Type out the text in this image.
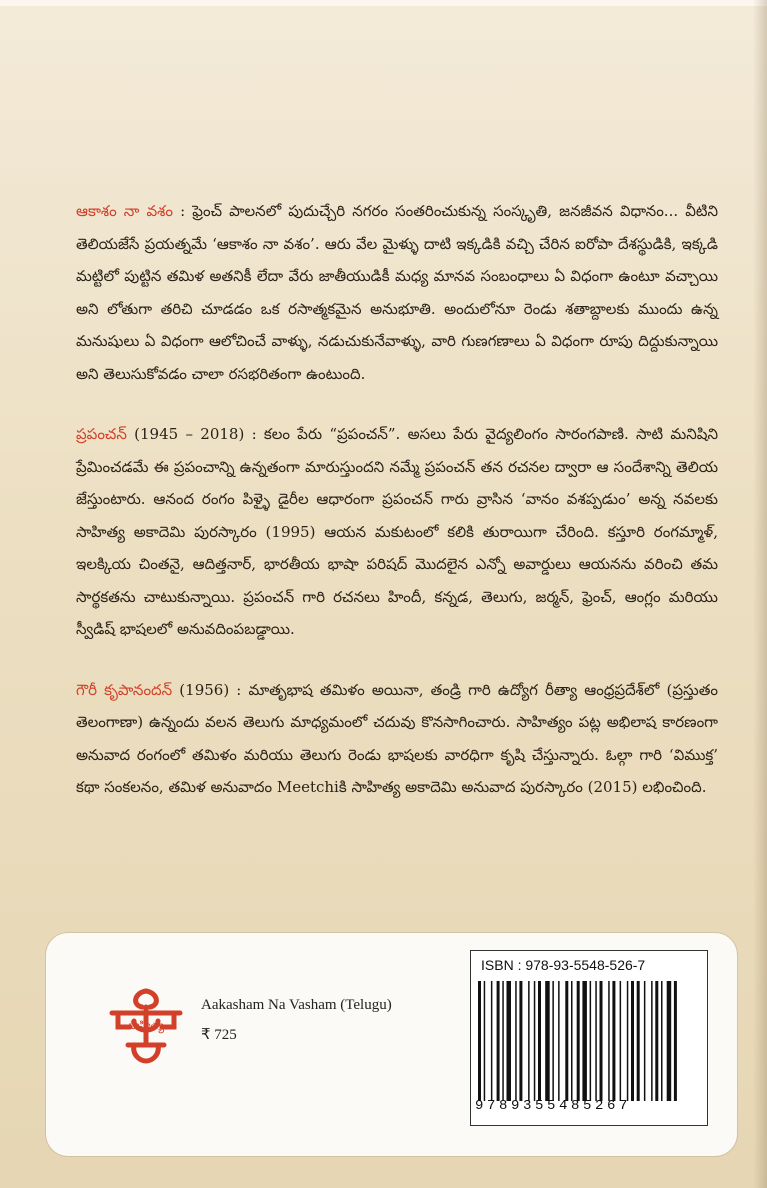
ఆకాశం నా వశం : ఫ్రెంచ్ పాలనలో పుదుచ్చేరి నగరం సంతరించుకున్న సంస్కృతి, జనజీవన విధానం... వీటిని తెలియజేసే ప్రయత్నమే ‘ఆకాశం నా వశం’. ఆరు వేల మైళ్ళు దాటి ఇక్కడికి వచ్చి చేరిన ఐరోపా దేశస్థుడికి, ఇక్కడి మట్టిలో పుట్టిన తమిళ అతనికీ లేదా వేరు జాతీయుడికీ మధ్య మానవ సంబంధాలు ఏ విధంగా ఉంటూ వచ్చాయి అని లోతుగా తరిచి చూడడం ఒక రసాత్మకమైన అనుభూతి. అందులోనూ రెండు శతాబ్దాలకు ముందు ఉన్న మనుషులు ఏ విధంగా ఆలోచించే వాళ్ళు, నడుచుకునేవాళ్ళు, వారి గుణగణాలు ఏ విధంగా రూపు దిద్దుకున్నాయి అని తెలుసుకోవడం చాలా రసభరితంగా ఉంటుంది.

ప్రపంచన్ (1945 – 2018) : కలం పేరు “ప్రపంచన్”. అసలు పేరు వైద్యలింగం సారంగపాణి. సాటి మనిషిని ప్రేమించడమే ఈ ప్రపంచాన్ని ఉన్నతంగా మారుస్తుందని నమ్మే ప్రపంచన్ తన రచనల ద్వారా ఆ సందేశాన్ని తెలియ జేస్తుంటారు. ఆనంద రంగం పిళ్ళై డైరీల ఆధారంగా ప్రపంచన్ గారు వ్రాసిన ‘వానం వశప్పడుం’ అన్న నవలకు సాహిత్య అకాదెమి పురస్కారం (1995) ఆయన మకుటంలో కలికి తురాయిగా చేరింది. కస్తూరి రంగమ్మాళ్, ఇలక్కియ చింతనై, ఆదిత్తనార్, భారతీయ భాషా పరిషద్ మొదలైన ఎన్నో అవార్డులు ఆయనను వరించి తమ సార్థకతను చాటుకున్నాయి. ప్రపంచన్ గారి రచనలు హిందీ, కన్నడ, తెలుగు, జర్మన్, ఫ్రెంచ్, ఆంగ్లం మరియు స్వీడిష్ భాషలలో అనువదింపబడ్డాయి.

గౌరీ కృపానందన్ (1956) : మాతృభాష తమిళం అయినా, తండ్రి గారి ఉద్యోగ రీత్యా ఆంధ్రప్రదేశ్‌లో (ప్రస్తుతం తెలంగాణా) ఉన్నందు వలన తెలుగు మాధ్యమంలో చదువు కొనసాగించారు. సాహిత్యం పట్ల అభిలాష కారణంగా అనువాద రంగంలో తమిళం మరియు తెలుగు రెండు భాషలకు వారధిగా కృషి చేస్తున్నారు. ఓల్గా గారి ‘విముక్త’ కథా సంకలనం, తమిళ అనువాదం Meetchiకి సాహిత్య అకాదెమి అనువాద పురస్కారం (2015) లభించింది.

సాహిత్య
Aakasham Na Vasham (Telugu)
₹ 725
ISBN : 978-93-5548-526-7
9789355485267
